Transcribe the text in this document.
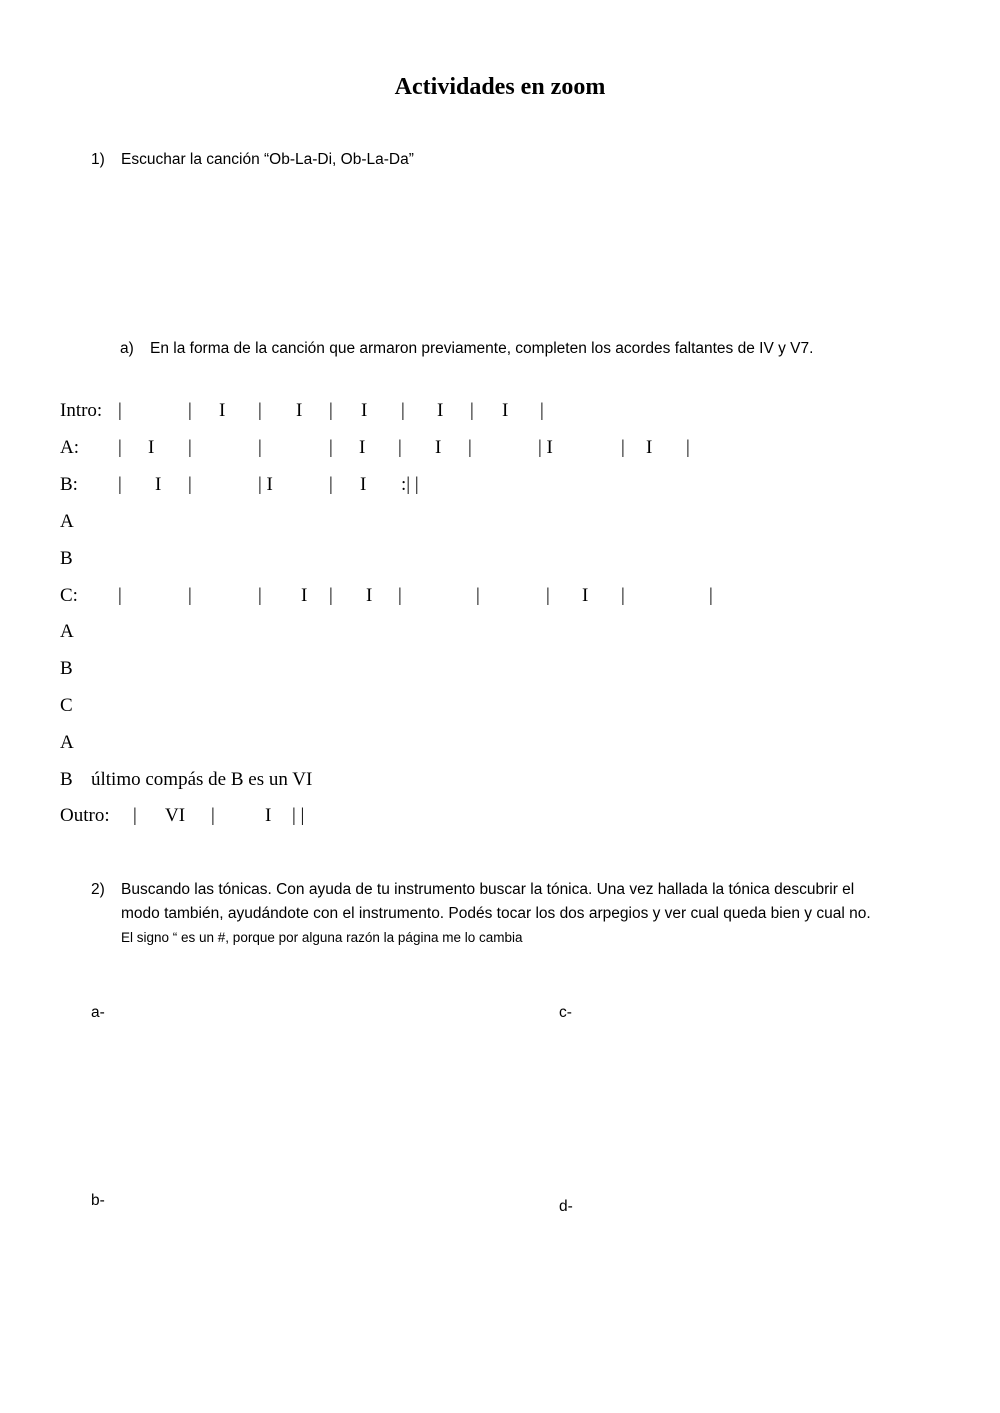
Actividades en zoom
1) Escuchar la canción “Ob-La-Di, Ob-La-Da”
a) En la forma de la canción que armaron previamente, completen los acordes faltantes de IV y V7.
Intro: |	| I | I | I | I | I |
A: | I |	|	| I | I |	| I	| I |
B: | I |	| I	| I :| |
A
B
C: |	|	| I | I |	|	| I |	|
A
B
C
A
B último compás de B es un VI
Outro: | VI |	I | |
2) Buscando las tónicas. Con ayuda de tu instrumento buscar la tónica. Una vez hallada la tónica descubrir el
modo también, ayudándote con el instrumento. Podés tocar los dos arpegios y ver cual queda bien y cual no.
El signo “ es un #, porque por alguna razón la página me lo cambia
a-	c-
b-	d-
